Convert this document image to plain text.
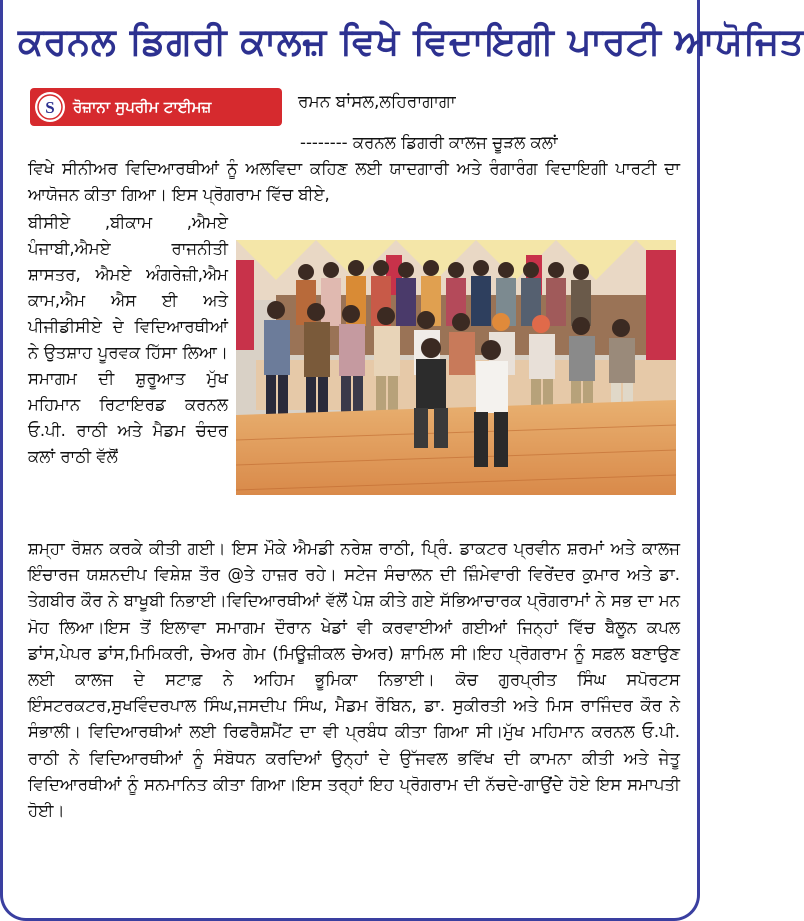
ਕਰਨਲ ਡਿਗਰੀ ਕਾਲਜ਼ ਵਿਖੇ ਵਿਦਾਇਗੀ ਪਾਰਟੀ ਆਯੋਜਿਤ
S ਰੋਜ਼ਾਨਾ ਸੁਪਰੀਮ ਟਾਈਮਜ਼	ਰਮਨ ਬਾਂਸਲ,ਲਹਿਰਾਗਾਗਾ
-------- ਕਰਨਲ ਡਿਗਰੀ ਕਾਲਜ ਚੂੜਲ ਕਲਾਂ

ਵਿਖੇ ਸੀਨੀਅਰ ਵਿਦਿਆਰਥੀਆਂ ਨੂੰ ਅਲਵਿਦਾ ਕਹਿਣ ਲਈ ਯਾਦਗਾਰੀ ਅਤੇ ਰੰਗਾਰੰਗ ਵਿਦਾਇਗੀ ਪਾਰਟੀ ਦਾ ਆਯੋਜਨ ਕੀਤਾ ਗਿਆ। ਇਸ ਪ੍ਰੋਗਰਾਮ ਵਿੱਚ ਬੀਏ,

ਬੀਸੀਏ ,ਬੀਕਾਮ ,ਐਮਏ ਪੰਜਾਬੀ,ਐਮਏ ਰਾਜਨੀਤੀ ਸ਼ਾਸਤਰ, ਐਮਏ ਅੰਗਰੇਜ਼ੀ,ਐਮ ਕਾਮ,ਐਮ ਐਸ ਈ ਅਤੇ ਪੀਜੀਡੀਸੀਏ ਦੇ ਵਿਦਿਆਰਥੀਆਂ ਨੇ ਉਤਸ਼ਾਹ ਪੂਰਵਕ ਹਿੱਸਾ ਲਿਆ।ਸਮਾਗਮ ਦੀ ਸ਼ੁਰੂਆਤ ਮੁੱਖ ਮਹਿਮਾਨ ਰਿਟਾਇਰਡ ਕਰਨਲ ਓ.ਪੀ. ਰਾਠੀ ਅਤੇ ਮੈਡਮ ਚੰਦਰ ਕਲਾਂ ਰਾਠੀ ਵੱਲੋਂ

ਸ਼ਮ੍ਹਾ ਰੋਸ਼ਨ ਕਰਕੇ ਕੀਤੀ ਗਈ। ਇਸ ਮੌਕੇ ਐਮਡੀ ਨਰੇਸ਼ ਰਾਠੀ, ਪ੍ਰਿੰ. ਡਾਕਟਰ ਪ੍ਰਵੀਨ ਸ਼ਰਮਾਂ ਅਤੇ ਕਾਲਜ ਇੰਚਾਰਜ ਯਸ਼ਨਦੀਪ ਵਿਸ਼ੇਸ਼ ਤੌਰ @ਤੇ ਹਾਜ਼ਰ ਰਹੇ। ਸਟੇਜ ਸੰਚਾਲਨ ਦੀ ਜ਼ਿੰਮੇਵਾਰੀ ਵਿਰੇਂਦਰ ਕੁਮਾਰ ਅਤੇ ਡਾ. ਤੇਗਬੀਰ ਕੌਰ ਨੇ ਬਾਖੂਬੀ ਨਿਭਾਈ।ਵਿਦਿਆਰਥੀਆਂ ਵੱਲੋਂ ਪੇਸ਼ ਕੀਤੇ ਗਏ ਸੱਭਿਆਚਾਰਕ ਪ੍ਰੋਗਰਾਮਾਂ ਨੇ ਸਭ ਦਾ ਮਨ ਮੋਹ ਲਿਆ।ਇਸ ਤੋਂ ਇਲਾਵਾ ਸਮਾਗਮ ਦੌਰਾਨ ਖੇਡਾਂ ਵੀ ਕਰਵਾਈਆਂ ਗਈਆਂ ਜਿਨ੍ਹਾਂ ਵਿੱਚ ਬੈਲੂਨ ਕਪਲ ਡਾਂਸ,ਪੇਪਰ ਡਾਂਸ,ਮਿਮਿਕਰੀ, ਚੇਅਰ ਗੇਮ (ਮਿਊਜ਼ੀਕਲ ਚੇਅਰ) ਸ਼ਾਮਿਲ ਸੀ।ਇਹ ਪ੍ਰੋਗਰਾਮ ਨੂੰ ਸਫ਼ਲ ਬਣਾਉਣ ਲਈ ਕਾਲਜ ਦੇ ਸਟਾਫ਼ ਨੇ ਅਹਿਮ ਭੂਮਿਕਾ ਨਿਭਾਈ। ਕੋਚ ਗੁਰਪ੍ਰੀਤ ਸਿੰਘ ਸਪੋਰਟਸ ਇੰਸਟਰਕਟਰ,ਸੁਖਵਿੰਦਰਪਾਲ ਸਿੰਘ,ਜਸਦੀਪ ਸਿੰਘ, ਮੈਡਮ ਰੌਬਿਨ, ਡਾ. ਸੁਕੀਰਤੀ ਅਤੇ ਮਿਸ ਰਾਜਿੰਦਰ ਕੌਰ ਨੇ ਸੰਭਾਲੀ। ਵਿਦਿਆਰਥੀਆਂ ਲਈ ਰਿਫਰੈਸ਼ਮੈਂਟ ਦਾ ਵੀ ਪ੍ਰਬੰਧ ਕੀਤਾ ਗਿਆ ਸੀ।ਮੁੱਖ ਮਹਿਮਾਨ ਕਰਨਲ ਓ.ਪੀ. ਰਾਠੀ ਨੇ ਵਿਦਿਆਰਥੀਆਂ ਨੂੰ ਸੰਬੋਧਨ ਕਰਦਿਆਂ ਉਨ੍ਹਾਂ ਦੇ ਉੱਜਵਲ ਭਵਿੱਖ ਦੀ ਕਾਮਨਾ ਕੀਤੀ ਅਤੇ ਜੇਤੂ ਵਿਦਿਆਰਥੀਆਂ ਨੂੰ ਸਨਮਾਨਿਤ ਕੀਤਾ ਗਿਆ।ਇਸ ਤਰ੍ਹਾਂ ਇਹ ਪ੍ਰੋਗਰਾਮ ਦੀ ਨੱਚਦੇ-ਗਾਉਂਦੇ ਹੋਏ ਇਸ ਸਮਾਪਤੀ ਹੋਈ।
